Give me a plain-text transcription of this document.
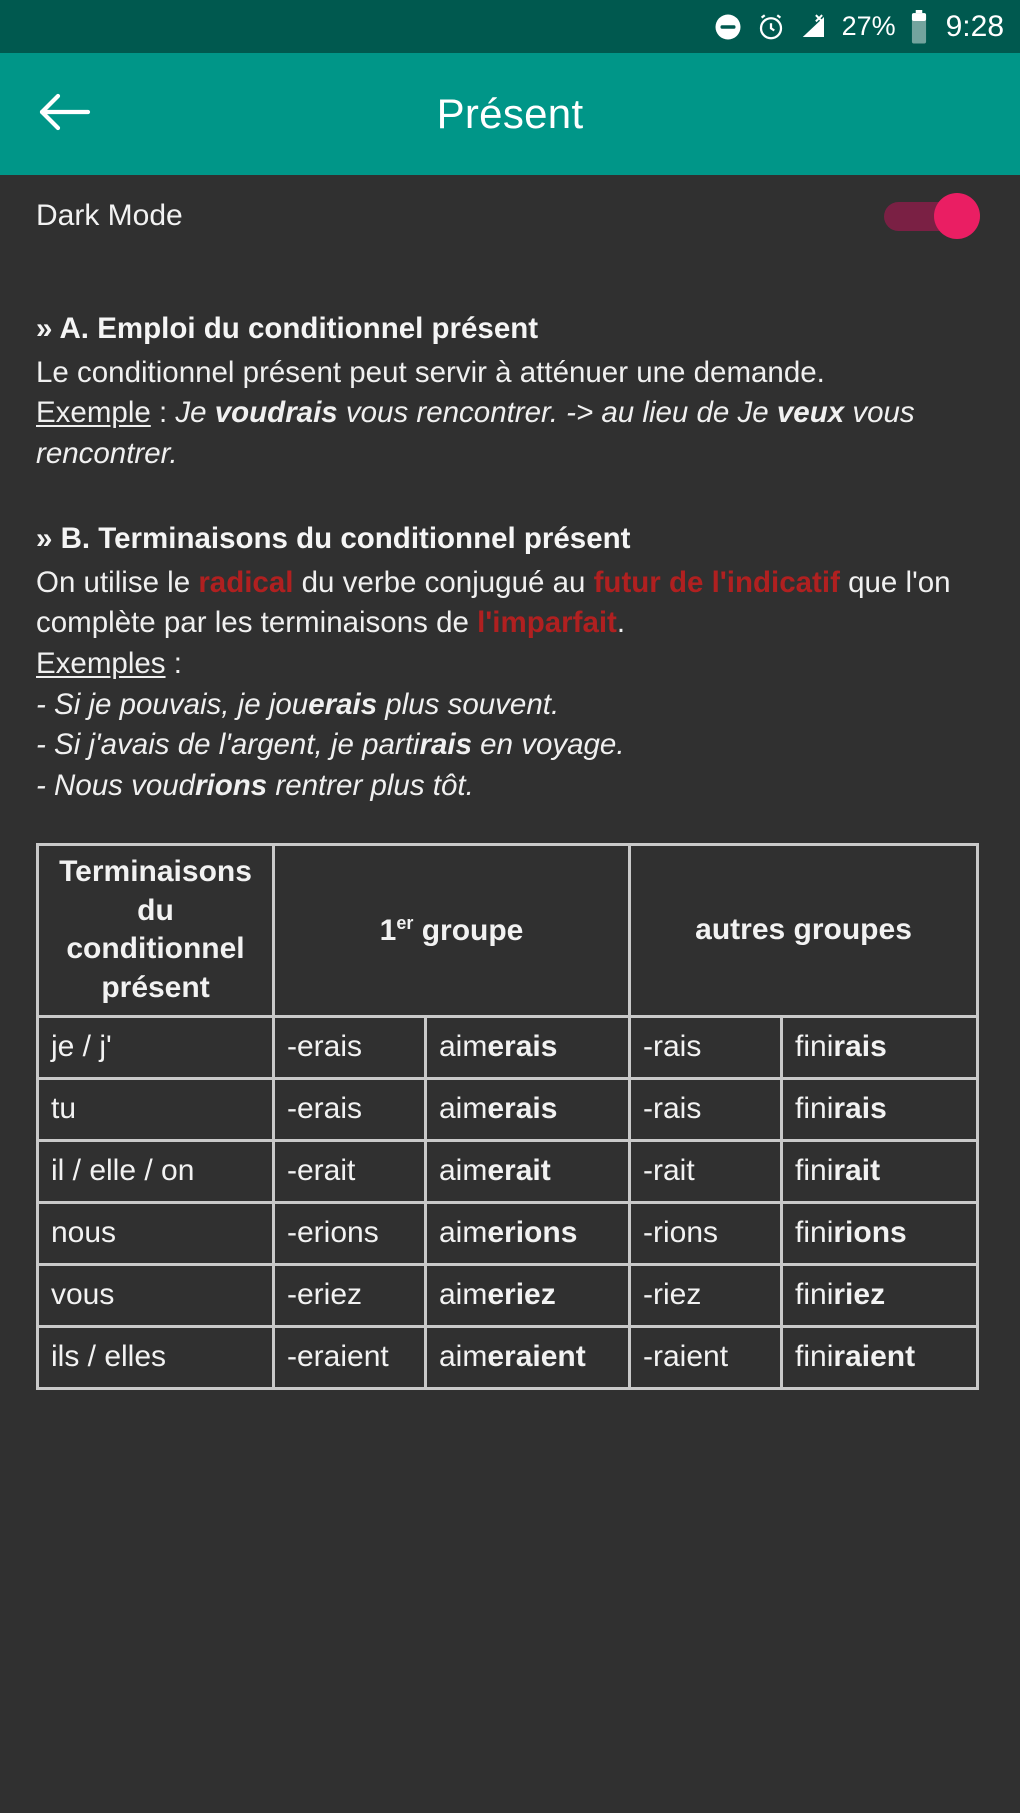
27% 9:28
Présent
Dark Mode
» A. Emploi du conditionnel présent
Le conditionnel présent peut servir à atténuer une demande.
Exemple : Je voudrais vous rencontrer. -> au lieu de Je veux vous rencontrer.
» B. Terminaisons du conditionnel présent
On utilise le radical du verbe conjugué au futur de l'indicatif que l'on complète par les terminaisons de l'imparfait.
Exemples :
- Si je pouvais, je jouerais plus souvent.
- Si j'avais de l'argent, je partirais en voyage.
- Nous voudrions rentrer plus tôt.
Terminaisons du conditionnel présent	1er groupe		autres groupes	
je / j'	-erais	aimerais	-rais	finirais
tu	-erais	aimerais	-rais	finirais
il / elle / on	-erait	aimerait	-rait	finirait
nous	-erions	aimerions	-rions	finirions
vous	-eriez	aimeriez	-riez	finiriez
ils / elles	-eraient	aimeraient	-raient	finiraient
